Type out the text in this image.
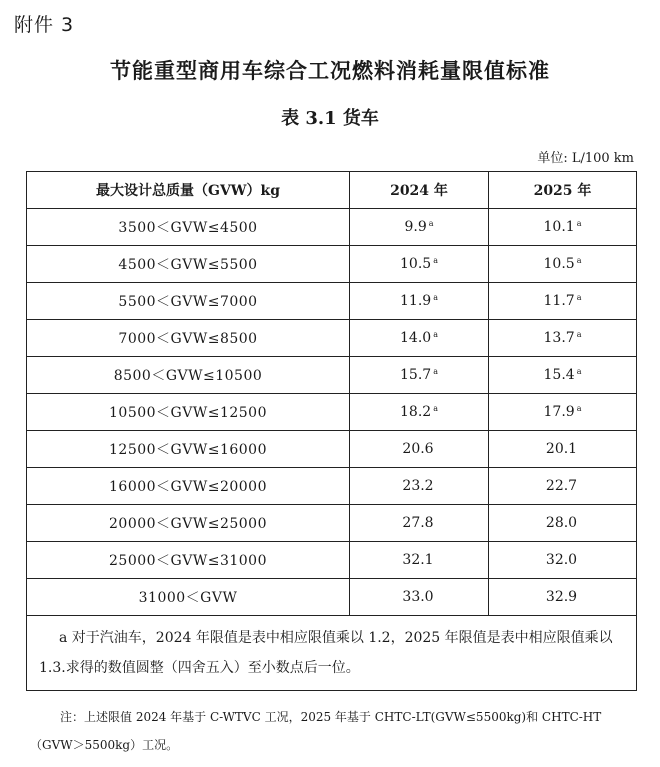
附件 3
节能重型商用车综合工况燃料消耗量限值标准
表 3.1 货车
单位: L/100 km
最大设计总质量（GVW）kg	2024 年	2025 年
3500＜GVW≤4500	9.9 $^a$	10.1 $^a$
4500＜GVW≤5500	10.5 $^a$	10.5 $^a$
5500＜GVW≤7000	11.9 $^a$	11.7 $^a$
7000＜GVW≤8500	14.0 $^a$	13.7 $^a$
8500＜GVW≤10500	15.7 $^a$	15.4 $^a$
10500＜GVW≤12500	18.2 $^a$	17.9 $^a$
12500＜GVW≤16000	20.6	20.1
16000＜GVW≤20000	23.2	22.7
20000＜GVW≤25000	27.8	28.0
25000＜GVW≤31000	32.1	32.0
31000＜GVW	33.0	32.9
a 对于汽油车，2024 年限值是表中相应限值乘以 1.2，2025 年限值是表中相应限值乘以 1.3.求得的数值圆整（四舍五入）至小数点后一位。		
注：上述限值 2024 年基于 C-WTVC 工况，2025 年基于 CHTC-LT(GVW≤5500kg)和 CHTC-HT（GVW＞5500kg）工况。
